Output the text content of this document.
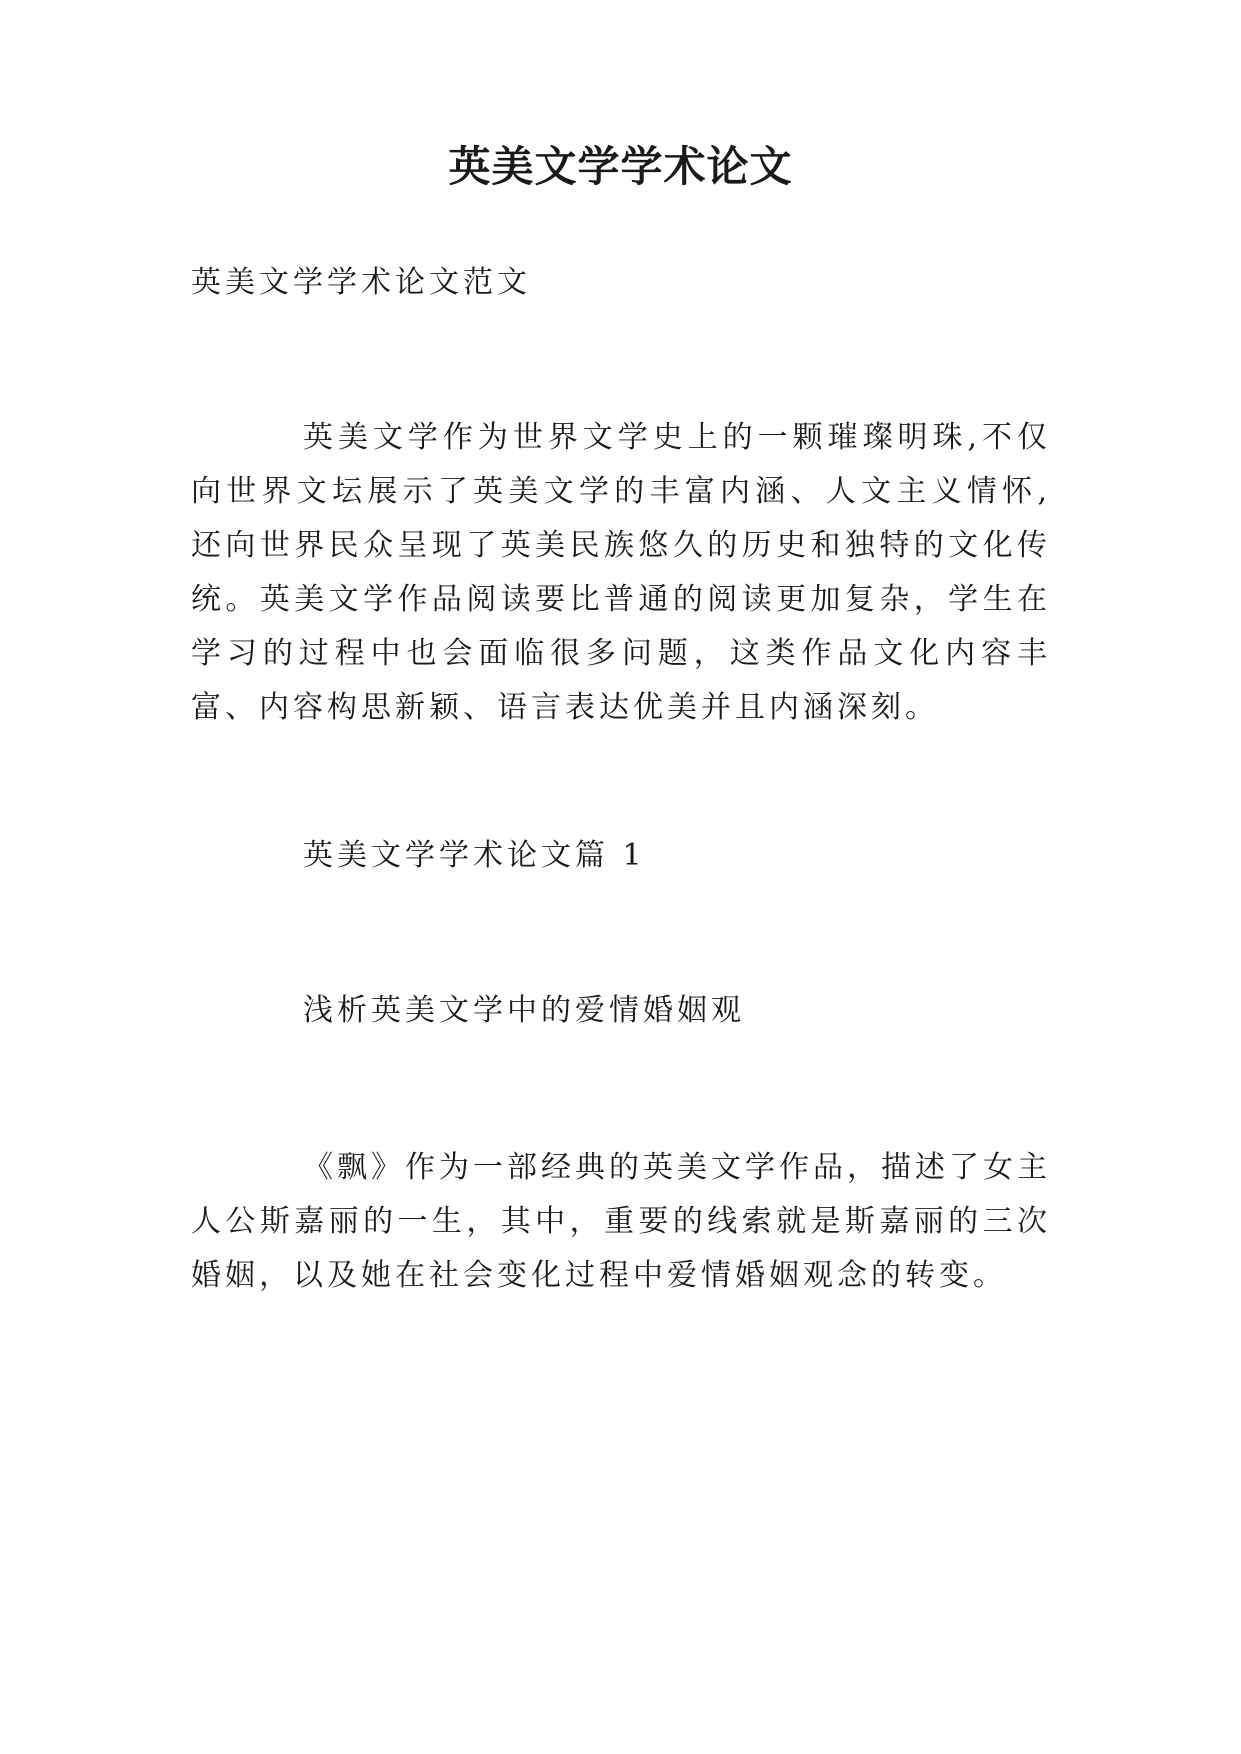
英美文学学术论文
英美文学学术论文范文

英美文学作为世界文学史上的一颗璀璨明珠,不仅向世界文坛展示了英美文学的丰富内涵、人文主义情怀,还向世界民众呈现了英美民族悠久的历史和独特的文化传统。英美文学作品阅读要比普通的阅读更加复杂，学生在学习的过程中也会面临很多问题，这类作品文化内容丰富、内容构思新颖、语言表达优美并且内涵深刻。

英美文学学术论文篇 1
浅析英美文学中的爱情婚姻观

《飘》作为一部经典的英美文学作品，描述了女主人公斯嘉丽的一生，其中，重要的线索就是斯嘉丽的三次婚姻，以及她在社会变化过程中爱情婚姻观念的转变。
